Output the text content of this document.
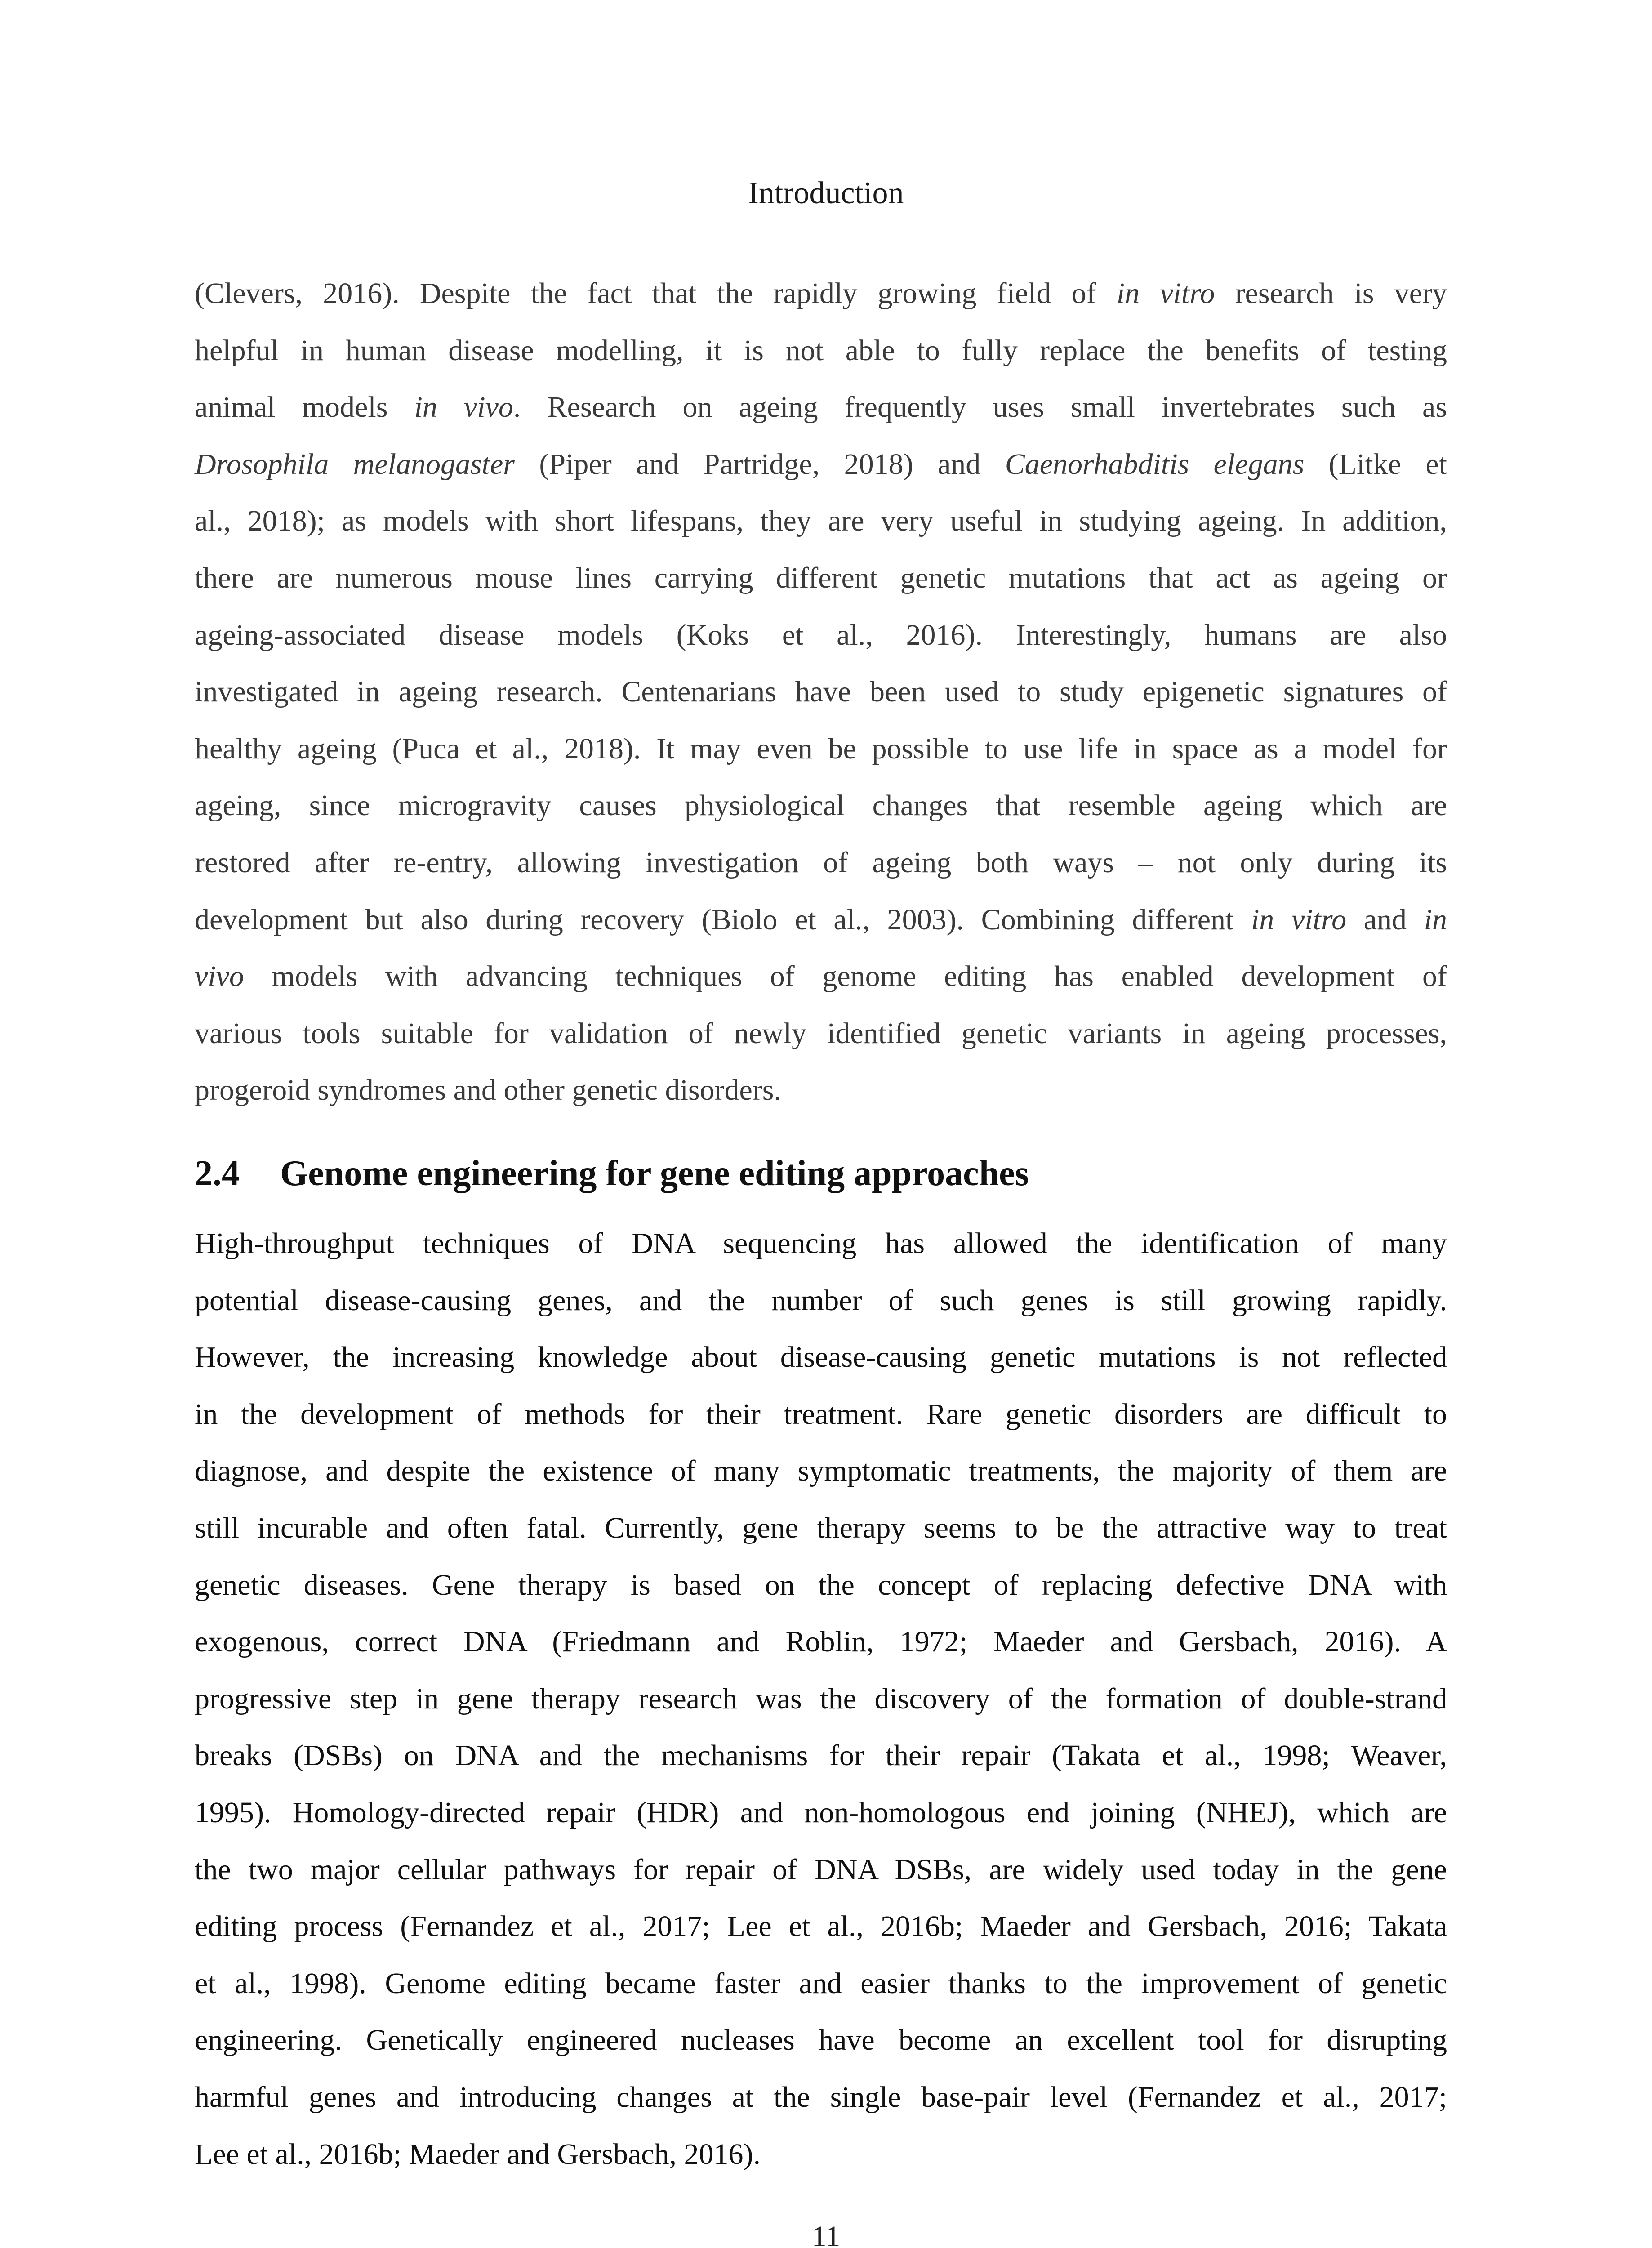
Introduction

(Clevers, 2016). Despite the fact that the rapidly growing field of in vitro research is very
helpful in human disease modelling, it is not able to fully replace the benefits of testing
animal models in vivo. Research on ageing frequently uses small invertebrates such as
Drosophila melanogaster (Piper and Partridge, 2018) and Caenorhabditis elegans (Litke et
al., 2018); as models with short lifespans, they are very useful in studying ageing. In addition,
there are numerous mouse lines carrying different genetic mutations that act as ageing or
ageing-associated disease models (Koks et al., 2016). Interestingly, humans are also
investigated in ageing research. Centenarians have been used to study epigenetic signatures of
healthy ageing (Puca et al., 2018). It may even be possible to use life in space as a model for
ageing, since microgravity causes physiological changes that resemble ageing which are
restored after re-entry, allowing investigation of ageing both ways – not only during its
development but also during recovery (Biolo et al., 2003). Combining different in vitro and in
vivo models with advancing techniques of genome editing has enabled development of
various tools suitable for validation of newly identified genetic variants in ageing processes,
progeroid syndromes and other genetic disorders.

2.4 Genome engineering for gene editing approaches

High-throughput techniques of DNA sequencing has allowed the identification of many
potential disease-causing genes, and the number of such genes is still growing rapidly.
However, the increasing knowledge about disease-causing genetic mutations is not reflected
in the development of methods for their treatment. Rare genetic disorders are difficult to
diagnose, and despite the existence of many symptomatic treatments, the majority of them are
still incurable and often fatal. Currently, gene therapy seems to be the attractive way to treat
genetic diseases. Gene therapy is based on the concept of replacing defective DNA with
exogenous, correct DNA (Friedmann and Roblin, 1972; Maeder and Gersbach, 2016). A
progressive step in gene therapy research was the discovery of the formation of double-strand
breaks (DSBs) on DNA and the mechanisms for their repair (Takata et al., 1998; Weaver,
1995). Homology-directed repair (HDR) and non-homologous end joining (NHEJ), which are
the two major cellular pathways for repair of DNA DSBs, are widely used today in the gene
editing process (Fernandez et al., 2017; Lee et al., 2016b; Maeder and Gersbach, 2016; Takata
et al., 1998). Genome editing became faster and easier thanks to the improvement of genetic
engineering. Genetically engineered nucleases have become an excellent tool for disrupting
harmful genes and introducing changes at the single base-pair level (Fernandez et al., 2017;
Lee et al., 2016b; Maeder and Gersbach, 2016).

11
